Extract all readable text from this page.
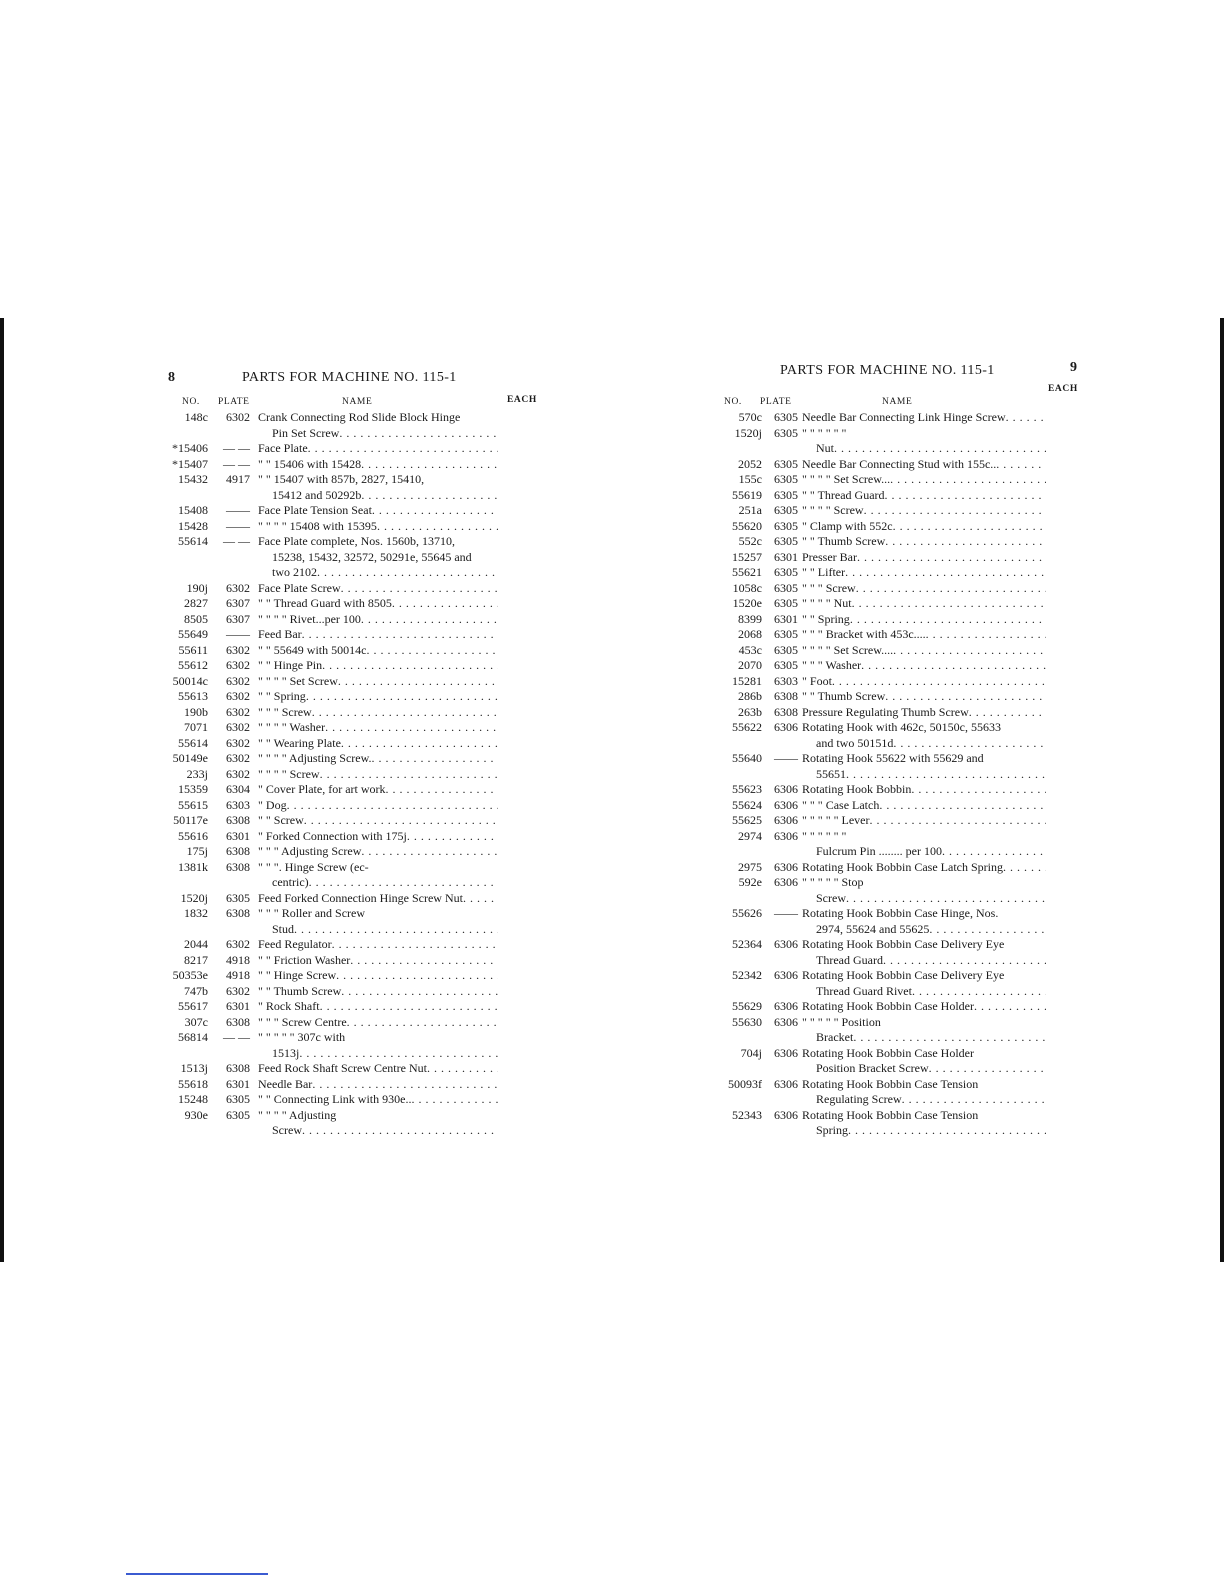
8	PARTS FOR MACHINE NO. 115-1
NO. PLATE	NAME	EACH
148c	6302 Crank Connecting Rod Slide Block Hinge
Pin Set Screw
. . .
*15406	— — Face Plate
. . .
*15407	— — " " 15406 with 15428
. . .
15432	4917 " " 15407 with 857b, 2827, 15410,
15412 and 50292b
. . .
15408	—— Face Plate Tension Seat
. . .
15428	—— " " " " 15408 with 15395
. . .
55614	— — Face Plate complete, Nos. 1560b, 13710,
15238, 15432, 32572, 50291e, 55645 and
two 2102
. . .
190j	6302 Face Plate Screw
. . .
2827	6307 " " Thread Guard with 8505
. . .
8505	6307 " " " " Rivet...per 100
. . .
55649	—— Feed Bar
. . .
55611	6302 " " 55649 with 50014c
. . .
55612	6302 " " Hinge Pin
. . .
50014c	6302 " " " " Set Screw
. . .
55613	6302 " " Spring
. . .
190b	6302 " " " Screw
. . .
7071	6302 " " " " Washer
. . .
55614	6302 " " Wearing Plate
. . .
50149e	6302 " " " " Adjusting Screw.
. . .
233j	6302 " " " " Screw
. . .
15359	6304 " Cover Plate, for art work
. . .
55615	6303 " Dog
. . .
50117e	6308 " " Screw
. . .
55616	6301 " Forked Connection with 175j
. . .
175j	6308 " " " Adjusting Screw
. . .
1381k	6308 " " ". Hinge Screw (ec-
centric)
. . .
1520j	6305 Feed Forked Connection Hinge Screw Nut
. . .
1832	6308 " " " Roller and Screw
Stud
. . .
2044	6302 Feed Regulator
. . .
8217	4918 " " Friction Washer
. . .
50353e	4918 " " Hinge Screw
. . .
747b	6302 " " Thumb Screw
. . .
55617	6301 " Rock Shaft
. . .
307c	6308 " " " Screw Centre
. . .
56814	— — " " " " " 307c with
1513j
. . .
1513j	6308 Feed Rock Shaft Screw Centre Nut
. . .
55618	6301 Needle Bar
. . .
15248	6305 " " Connecting Link with 930e..
. . .
930e	6305 " " " " Adjusting
Screw
. . .
PARTS FOR MACHINE NO. 115-1	9
NO. PLATE	NAME
EACH
570c	6305 Needle Bar Connecting Link Hinge Screw
. . .
1520j	6305 " " " " " "
Nut
. . .
2052	6305 Needle Bar Connecting Stud with 155c..
. . .
155c	6305 " " " " Set Screw...
. . .
55619	6305 " " Thread Guard
. . .
251a	6305 " " " " Screw
. . .
55620	6305 " Clamp with 552c
. . .
552c	6305 " " Thumb Screw
. . .
15257	6301 Presser Bar
. . .
55621	6305 " " Lifter
. . .
1058c	6305 " " " Screw
. . .
1520e	6305 " " " " Nut
. . .
8399	6301 " " Spring
. . .
2068	6305 " " " Bracket with 453c....
. . .
453c	6305 " " " " Set Screw....
. . .
2070	6305 " " " Washer
. . .
15281	6303 " Foot
. . .
286b	6308 " " Thumb Screw
. . .
263b	6308 Pressure Regulating Thumb Screw
. . .
55622	6306 Rotating Hook with 462c, 50150c, 55633
and two 50151d
. . .
55640	—— Rotating Hook 55622 with 55629 and
55651
. . .
55623	6306 Rotating Hook Bobbin
. . .
55624	6306 " " " Case Latch
. . .
55625	6306 " " " " " Lever
. . .
2974	6306 " " " " " "
Fulcrum Pin ........ per 100
. . .
2975	6306 Rotating Hook Bobbin Case Latch Spring
. . .
592e	6306 " " " " " Stop
Screw
. . .
55626	—— Rotating Hook Bobbin Case Hinge, Nos.
2974, 55624 and 55625
. . .
52364	6306 Rotating Hook Bobbin Case Delivery Eye
Thread Guard
. . .
52342	6306 Rotating Hook Bobbin Case Delivery Eye
Thread Guard Rivet
. . .
55629	6306 Rotating Hook Bobbin Case Holder
. . .
55630	6306 " " " " " Position
Bracket
. . .
704j	6306 Rotating Hook Bobbin Case Holder
Position Bracket Screw
. . .
50093f	6306 Rotating Hook Bobbin Case Tension
Regulating Screw
. . .
52343	6306 Rotating Hook Bobbin Case Tension
Spring
. . .
